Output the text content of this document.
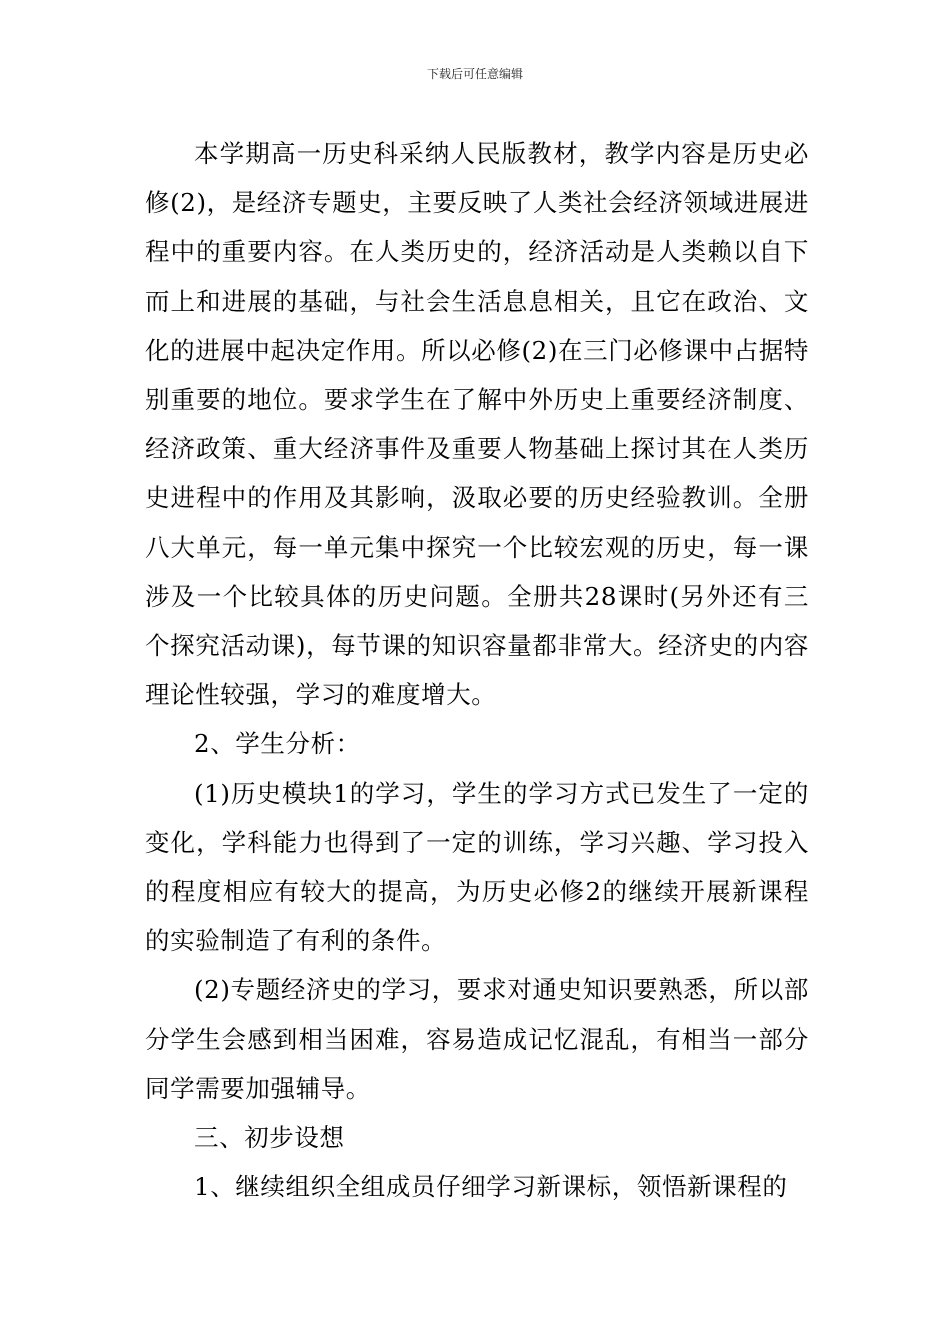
下载后可任意编辑

本学期高一历史科采纳人民版教材，教学内容是历史必修(2)，是经济专题史，主要反映了人类社会经济领域进展进程中的重要内容。在人类历史的，经济活动是人类赖以自下而上和进展的基础，与社会生活息息相关，且它在政治、文化的进展中起决定作用。所以必修(2)在三门必修课中占据特别重要的地位。要求学生在了解中外历史上重要经济制度、经济政策、重大经济事件及重要人物基础上探讨其在人类历史进程中的作用及其影响，汲取必要的历史经验教训。全册八大单元，每一单元集中探究一个比较宏观的历史，每一课涉及一个比较具体的历史问题。全册共28课时(另外还有三个探究活动课)，每节课的知识容量都非常大。经济史的内容理论性较强，学习的难度增大。

2、学生分析：

(1)历史模块1的学习，学生的学习方式已发生了一定的变化，学科能力也得到了一定的训练，学习兴趣、学习投入的程度相应有较大的提高，为历史必修2的继续开展新课程的实验制造了有利的条件。

(2)专题经济史的学习，要求对通史知识要熟悉，所以部分学生会感到相当困难，容易造成记忆混乱，有相当一部分同学需要加强辅导。

三、初步设想

1、继续组织全组成员仔细学习新课标，领悟新课程的
